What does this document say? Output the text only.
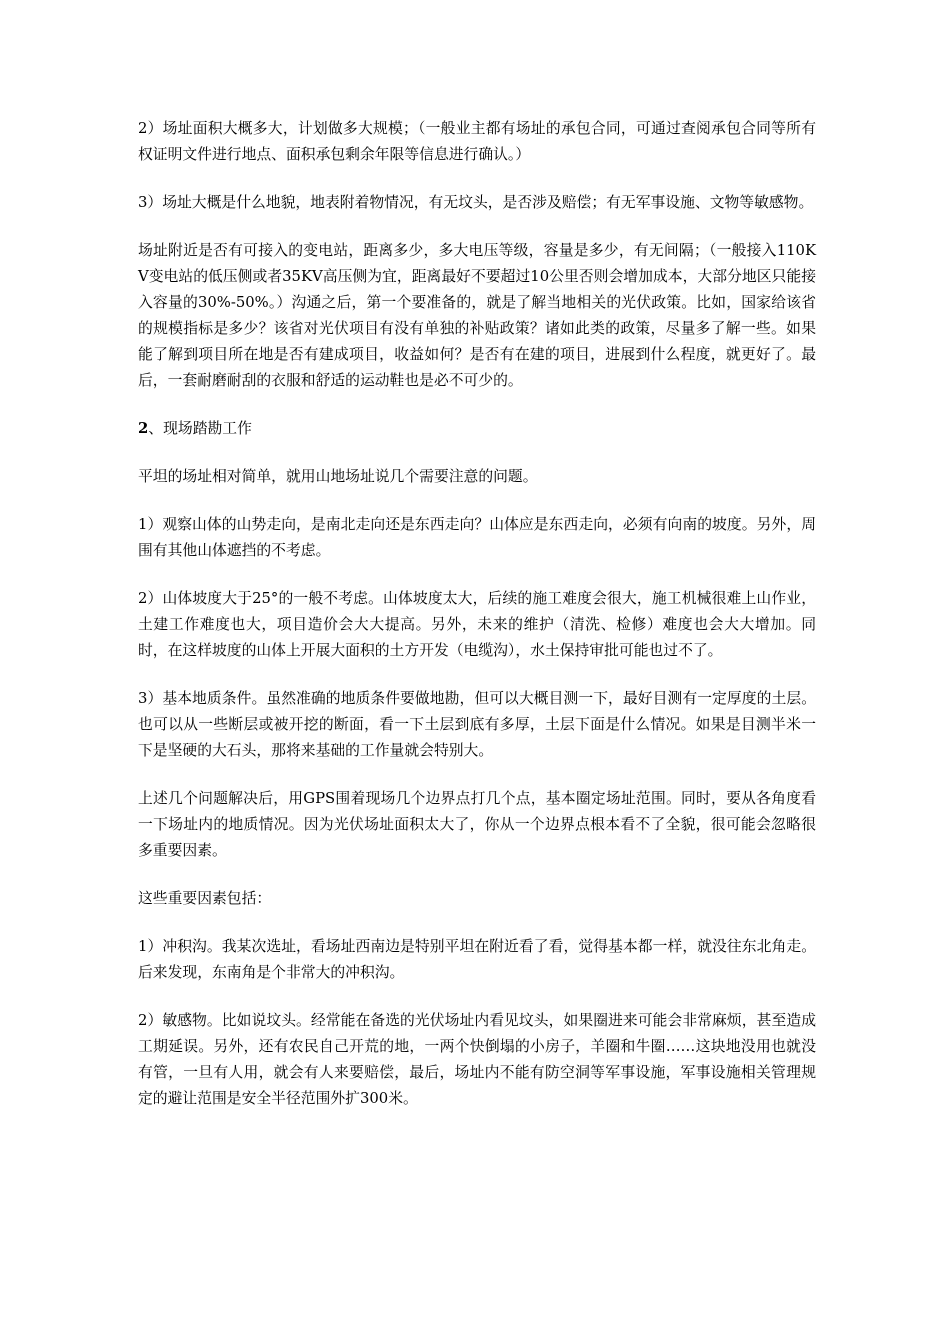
2）场址面积大概多大，计划做多大规模；（一般业主都有场址的承包合同，可通过查阅承包合同等所有权证明文件进行地点、面积承包剩余年限等信息进行确认。）

3）场址大概是什么地貌，地表附着物情况，有无坟头，是否涉及赔偿；有无军事设施、文物等敏感物。

场址附近是否有可接入的变电站，距离多少，多大电压等级，容量是多少，有无间隔；（一般接入110KV变电站的低压侧或者35KV高压侧为宜，距离最好不要超过10公里否则会增加成本，大部分地区只能接入容量的30%-50%。）沟通之后，第一个要准备的，就是了解当地相关的光伏政策。比如，国家给该省的规模指标是多少？该省对光伏项目有没有单独的补贴政策？诸如此类的政策，尽量多了解一些。如果能了解到项目所在地是否有建成项目，收益如何？是否有在建的项目，进展到什么程度，就更好了。最后，一套耐磨耐刮的衣服和舒适的运动鞋也是必不可少的。

2、现场踏勘工作

平坦的场址相对简单，就用山地场址说几个需要注意的问题。

1）观察山体的山势走向，是南北走向还是东西走向？山体应是东西走向，必须有向南的坡度。另外，周围有其他山体遮挡的不考虑。

2）山体坡度大于25°的一般不考虑。山体坡度太大，后续的施工难度会很大，施工机械很难上山作业，土建工作难度也大，项目造价会大大提高。另外，未来的维护（清洗、检修）难度也会大大增加。同时，在这样坡度的山体上开展大面积的土方开发（电缆沟），水土保持审批可能也过不了。

3）基本地质条件。虽然准确的地质条件要做地勘，但可以大概目测一下，最好目测有一定厚度的土层。也可以从一些断层或被开挖的断面，看一下土层到底有多厚，土层下面是什么情况。如果是目测半米一下是坚硬的大石头，那将来基础的工作量就会特别大。

上述几个问题解决后，用GPS围着现场几个边界点打几个点，基本圈定场址范围。同时，要从各角度看一下场址内的地质情况。因为光伏场址面积太大了，你从一个边界点根本看不了全貌，很可能会忽略很多重要因素。

这些重要因素包括：

1）冲积沟。我某次选址，看场址西南边是特别平坦在附近看了看，觉得基本都一样，就没往东北角走。后来发现，东南角是个非常大的冲积沟。

2）敏感物。比如说坟头。经常能在备选的光伏场址内看见坟头，如果圈进来可能会非常麻烦，甚至造成工期延误。另外，还有农民自己开荒的地，一两个快倒塌的小房子，羊圈和牛圈……这块地没用也就没有管，一旦有人用，就会有人来要赔偿，最后，场址内不能有防空洞等军事设施，军事设施相关管理规定的避让范围是安全半径范围外扩300米。
